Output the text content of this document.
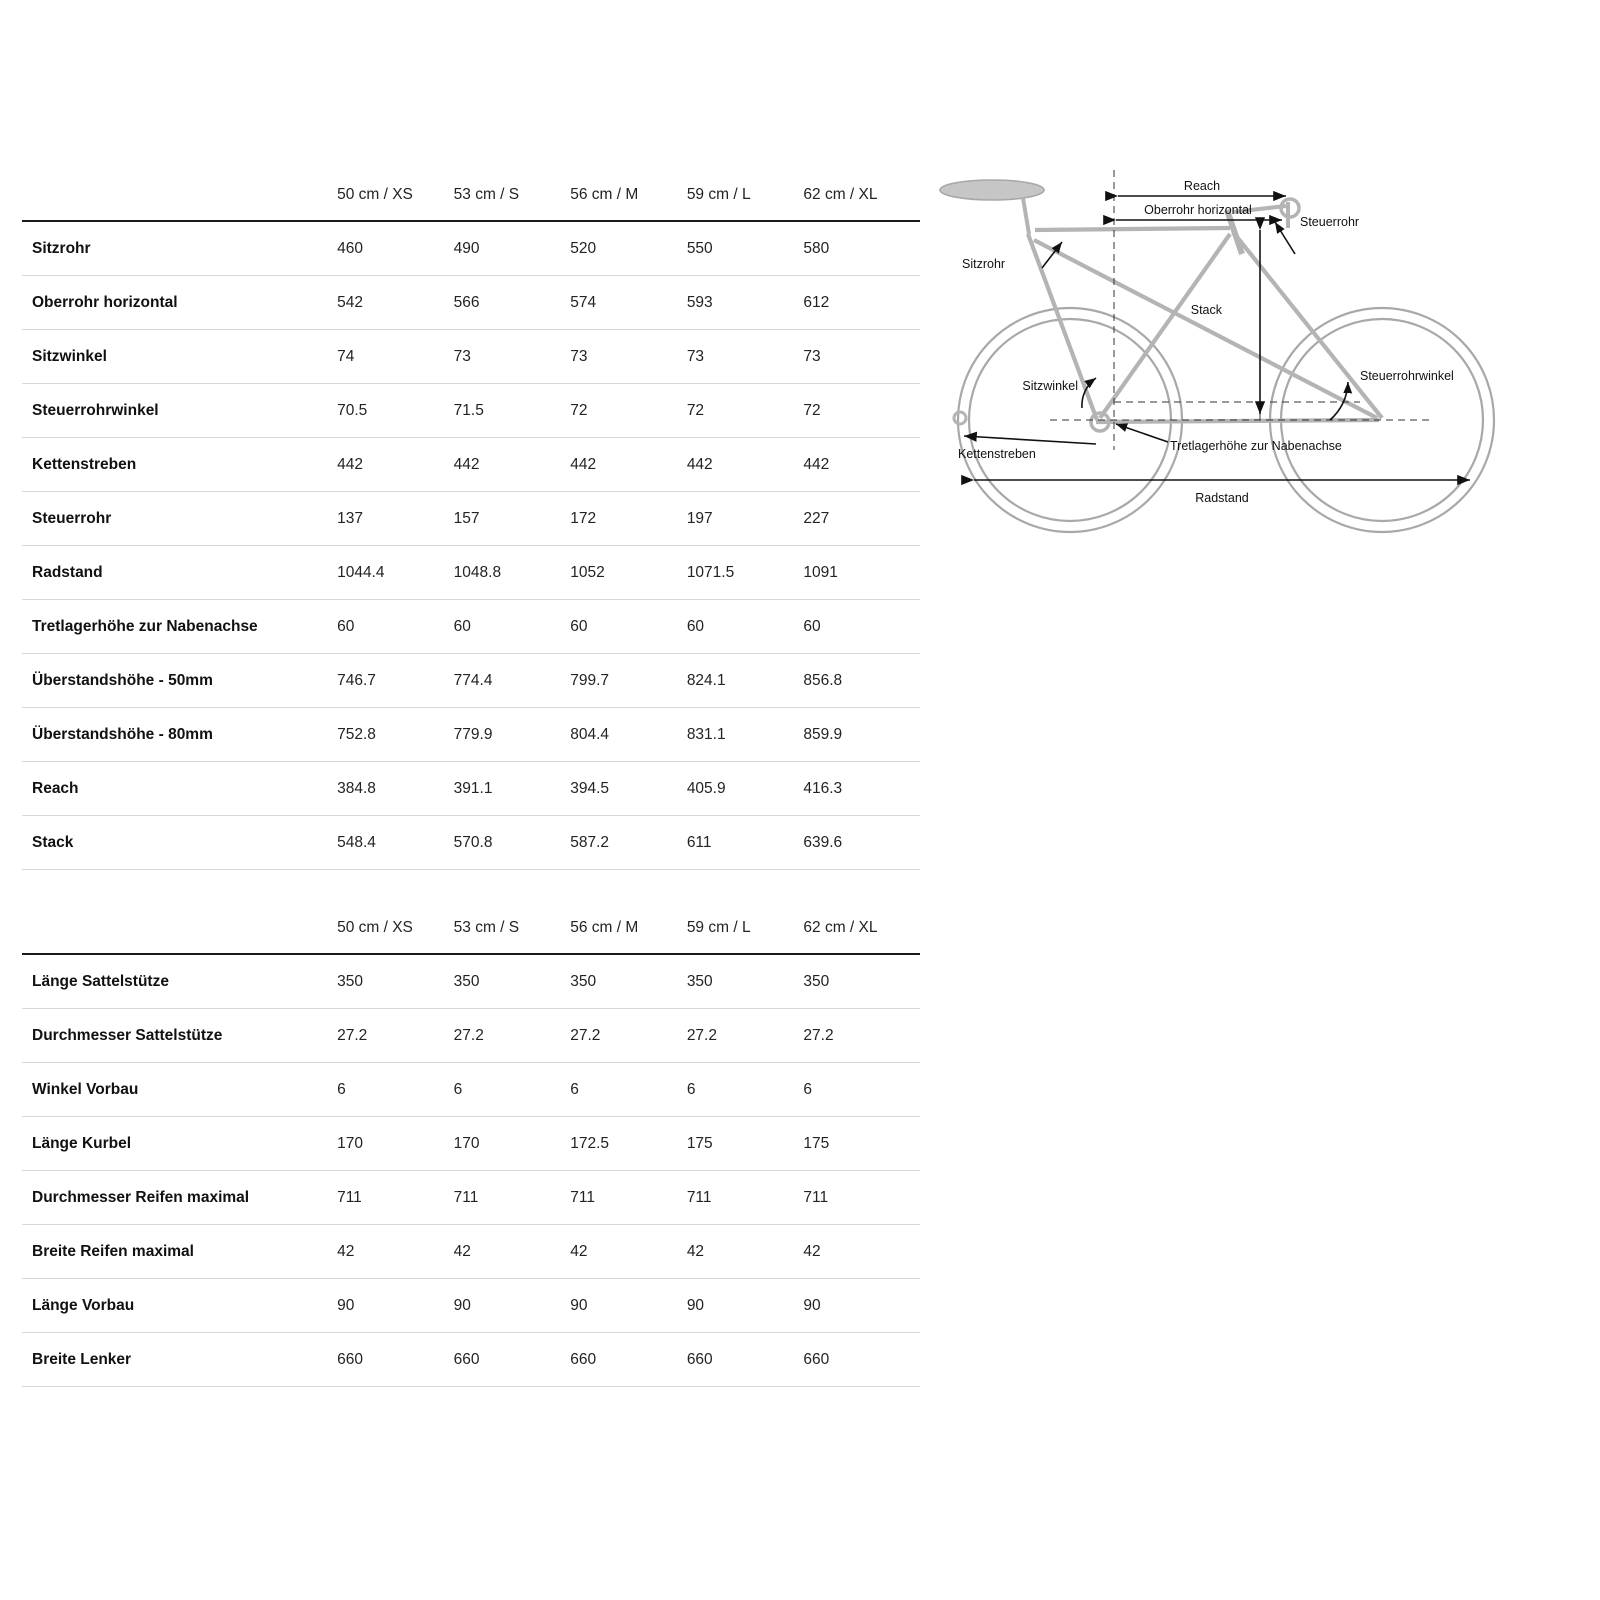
	50 cm / XS	53 cm / S	56 cm / M	59 cm / L	62 cm / XL
Sitzrohr	460	490	520	550	580
Oberrohr horizontal	542	566	574	593	612
Sitzwinkel	74	73	73	73	73
Steuerrohrwinkel	70.5	71.5	72	72	72
Kettenstreben	442	442	442	442	442
Steuerrohr	137	157	172	197	227
Radstand	1044.4	1048.8	1052	1071.5	1091
Tretlagerhöhe zur Nabenachse	60	60	60	60	60
Überstandshöhe - 50mm	746.7	774.4	799.7	824.1	856.8
Überstandshöhe - 80mm	752.8	779.9	804.4	831.1	859.9
Reach	384.8	391.1	394.5	405.9	416.3
Stack	548.4	570.8	587.2	611	639.6
	50 cm / XS	53 cm / S	56 cm / M	59 cm / L	62 cm / XL
Länge Sattelstütze	350	350	350	350	350
Durchmesser Sattelstütze	27.2	27.2	27.2	27.2	27.2
Winkel Vorbau	6	6	6	6	6
Länge Kurbel	170	170	172.5	175	175
Durchmesser Reifen maximal	711	711	711	711	711
Breite Reifen maximal	42	42	42	42	42
Länge Vorbau	90	90	90	90	90
Breite Lenker	660	660	660	660	660
Reach
Oberrohr horizontal
Steuerrohr
Sitzrohr
Stack
Sitzwinkel
Steuerrohrwinkel
Tretlagerhöhe zur Nabenachse
Kettenstreben
Radstand
